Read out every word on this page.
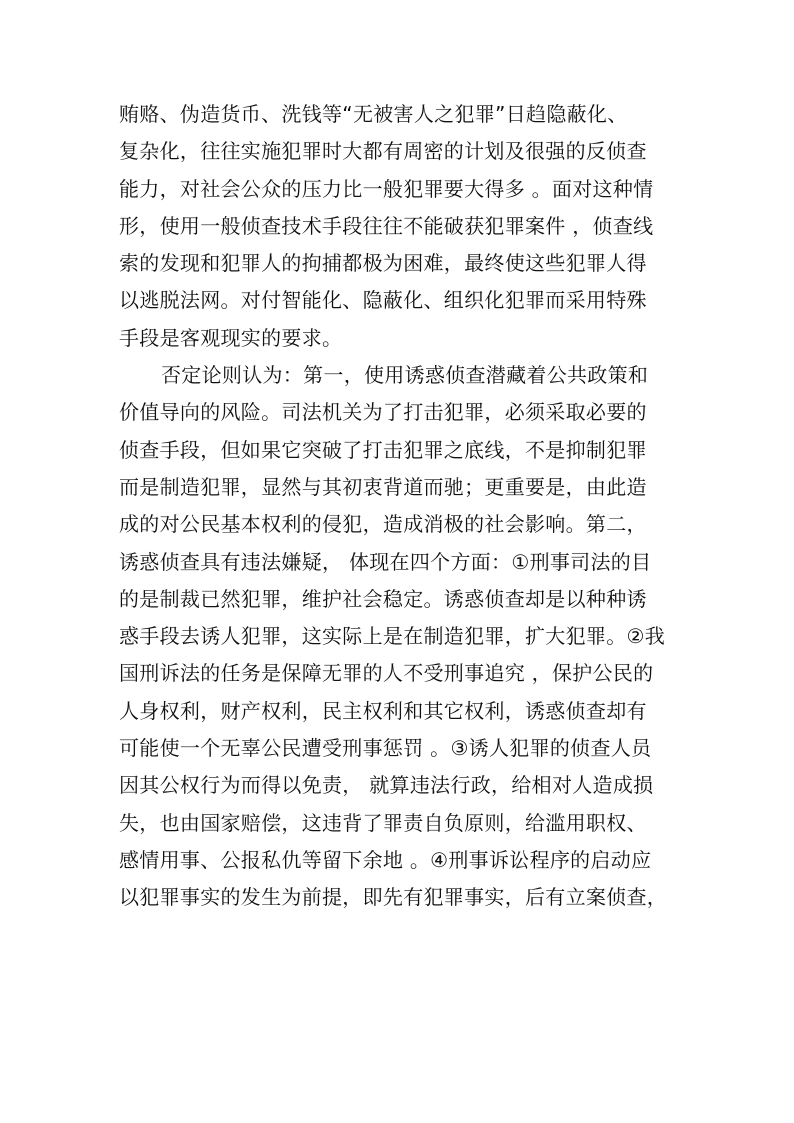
贿赂、伪造货币、洗钱等“无被害人之犯罪”日趋隐蔽化、
复杂化，往往实施犯罪时大都有周密的计划及很强的反侦查
能力，对社会公众的压力比一般犯罪要大得多 。面对这种情
形，使用一般侦查技术手段往往不能破获犯罪案件 ，侦查线
索的发现和犯罪人的拘捕都极为困难，最终使这些犯罪人得
以逃脱法网。对付智能化、隐蔽化、组织化犯罪而采用特殊
手段是客观现实的要求。
否定论则认为：第一，使用诱惑侦查潜藏着公共政策和
价值导向的风险。司法机关为了打击犯罪，必须采取必要的
侦查手段，但如果它突破了打击犯罪之底线，不是抑制犯罪
而是制造犯罪，显然与其初衷背道而驰；更重要是，由此造
成的对公民基本权利的侵犯，造成消极的社会影响。第二，
诱惑侦查具有违法嫌疑， 体现在四个方面：①刑事司法的目
的是制裁已然犯罪，维护社会稳定。诱惑侦查却是以种种诱
惑手段去诱人犯罪，这实际上是在制造犯罪，扩大犯罪。②我
国刑诉法的任务是保障无罪的人不受刑事追究 ，保护公民的
人身权利，财产权利，民主权利和其它权利，诱惑侦查却有
可能使一个无辜公民遭受刑事惩罚 。③诱人犯罪的侦查人员
因其公权行为而得以免责， 就算违法行政，给相对人造成损
失，也由国家赔偿，这违背了罪责自负原则，给滥用职权、
感情用事、公报私仇等留下余地 。④刑事诉讼程序的启动应
以犯罪事实的发生为前提，即先有犯罪事实，后有立案侦查，
